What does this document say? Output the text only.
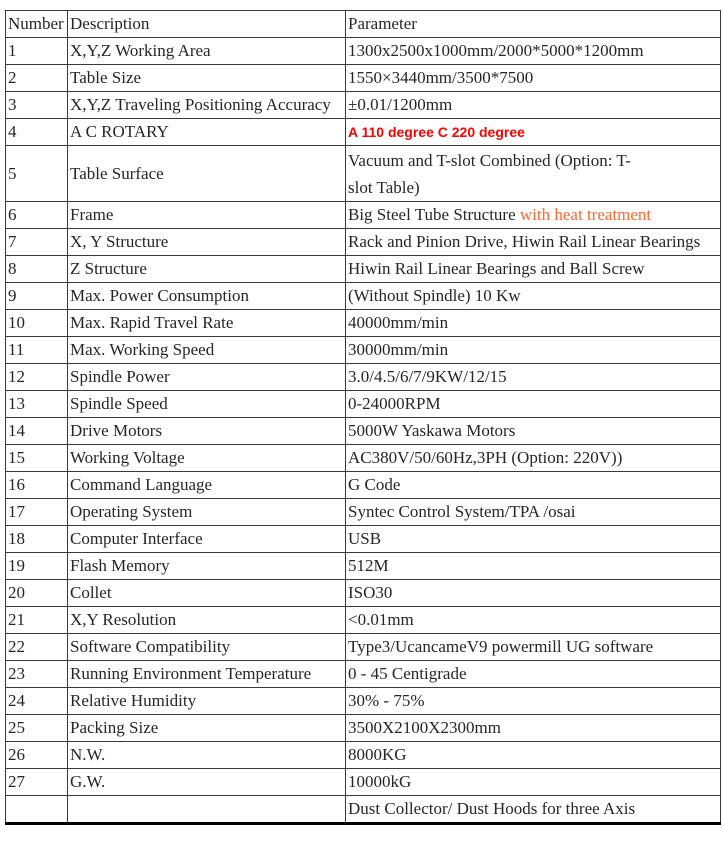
Number	Description	Parameter
1	X,Y,Z Working Area	1300x2500x1000mm/2000*5000*1200mm
2	Table Size	1550×3440mm/3500*7500
3	X,Y,Z Traveling Positioning Accuracy	±0.01/1200mm
4	A C ROTARY	A 110 degree C 220 degree
5	Table Surface	Vacuum and T-slot Combined (Option: T-slot Table)
6	Frame	Big Steel Tube Structure with heat treatment
7	X, Y Structure	Rack and Pinion Drive, Hiwin Rail Linear Bearings
8	Z Structure	Hiwin Rail Linear Bearings and Ball Screw
9	Max. Power Consumption	(Without Spindle) 10 Kw
10	Max. Rapid Travel Rate	40000mm/min
11	Max. Working Speed	30000mm/min
12	Spindle Power	3.0/4.5/6/7/9KW/12/15
13	Spindle Speed	0-24000RPM
14	Drive Motors	5000W Yaskawa Motors
15	Working Voltage	AC380V/50/60Hz,3PH (Option: 220V))
16	Command Language	G Code
17	Operating System	Syntec Control System/TPA /osai
18	Computer Interface	USB
19	Flash Memory	512M
20	Collet	ISO30
21	X,Y Resolution	<0.01mm
22	Software Compatibility	Type3/UcancameV9 powermill UG software
23	Running Environment Temperature	0 - 45 Centigrade
24	Relative Humidity	30% - 75%
25	Packing Size	3500X2100X2300mm
26	N.W.	8000KG
27	G.W.	10000kG
		Dust Collector/ Dust Hoods for three Axis
